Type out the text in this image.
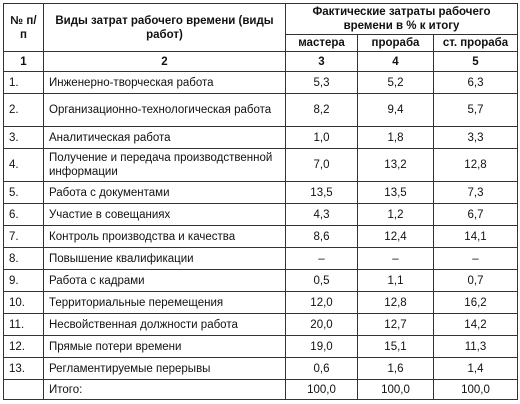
№ п/п	Виды затрат рабочего времени (виды работ)	Фактические затраты рабочего времени в % к итогу		
		мастера	прораба	ст. прораба
1	2	3	4	5
1.	Инженерно-творческая работа	5,3	5,2	6,3
2.	Организационно-технологическая работа	8,2	9,4	5,7
3.	Аналитическая работа	1,0	1,8	3,3
4.	Получение и передача производственной информации	7,0	13,2	12,8
5.	Работа с документами	13,5	13,5	7,3
6.	Участие в совещаниях	4,3	1,2	6,7
7.	Контроль производства и качества	8,6	12,4	14,1
8.	Повышение квалификации	–	–	–
9.	Работа с кадрами	0,5	1,1	0,7
10.	Территориальные перемещения	12,0	12,8	16,2
11.	Несвойственная должности работа	20,0	12,7	14,2
12.	Прямые потери времени	19,0	15,1	11,3
13.	Регламентируемые перерывы	0,6	1,6	1,4
	Итого:	100,0	100,0	100,0
